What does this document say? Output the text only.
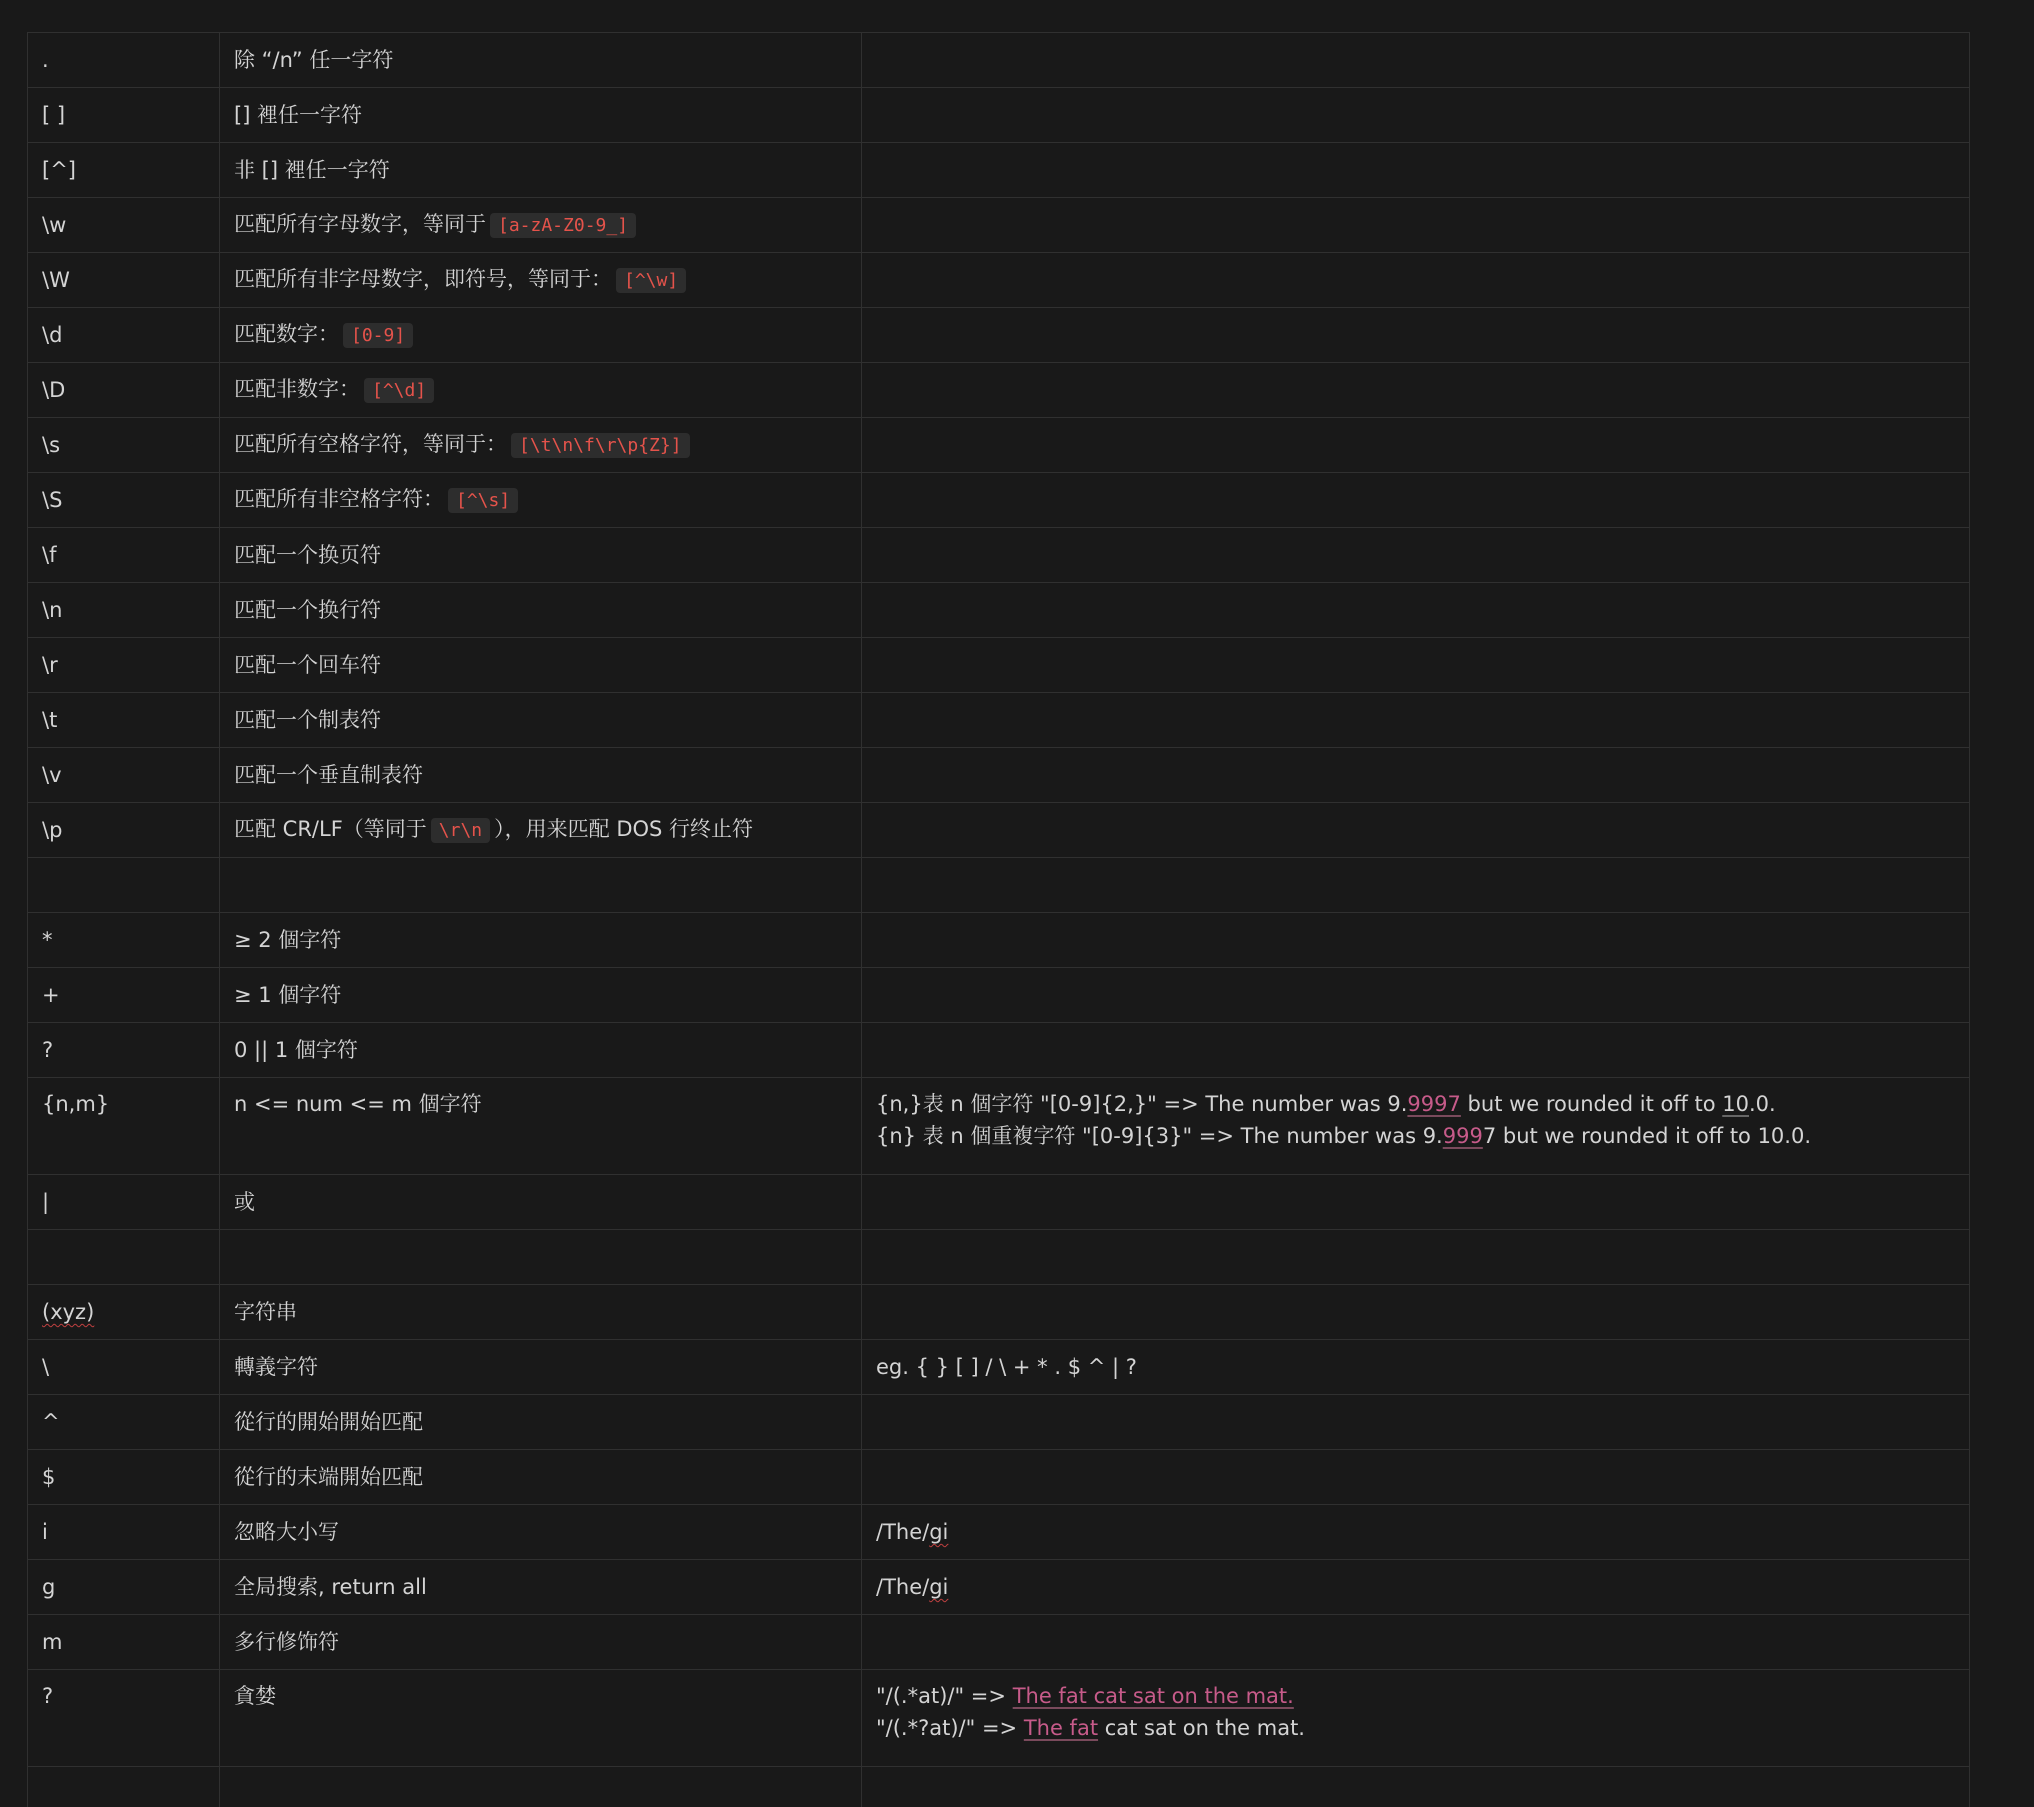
.	除 “/n” 任一字符	
[ ]	[] 裡任一字符	
[^]	非 [] 裡任一字符	
\w	匹配所有字母数字，等同于 [a-zA-Z0-9_]	
\W	匹配所有非字母数字，即符号，等同于： [^\w]	
\d	匹配数字： [0-9]	
\D	匹配非数字： [^\d]	
\s	匹配所有空格字符，等同于： [\t\n\f\r\p{Z}]	
\S	匹配所有非空格字符： [^\s]	
\f	匹配一个换页符	
\n	匹配一个换行符	
\r	匹配一个回车符	
\t	匹配一个制表符	
\v	匹配一个垂直制表符	
\p	匹配 CR/LF（等同于 \r\n ），用来匹配 DOS 行终止符	

*	≥ 2 個字符	
+	≥ 1 個字符	
?	0 || 1 個字符	
{n,m}	n <= num <= m 個字符	{n,}表 n 個字符 "[0-9]{2,}" => The number was 9.9997 but we rounded it off to 10.0.
{n} 表 n 個重複字符 "[0-9]{3}" => The number was 9.9997 but we rounded it off to 10.0.

|	或	

(xyz)	字符串	
\	轉義字符	eg. { } [ ] / \ + * . $ ^ | ?
^	從行的開始開始匹配	
$	從行的末端開始匹配	
i	忽略大小写	/The/gi
g	全局搜索, return all	/The/gi
m	多行修饰符	
?	貪婪	"/(.*at)/" => The fat cat sat on the mat.
"/(.*?at)/" => The fat cat sat on the mat.
